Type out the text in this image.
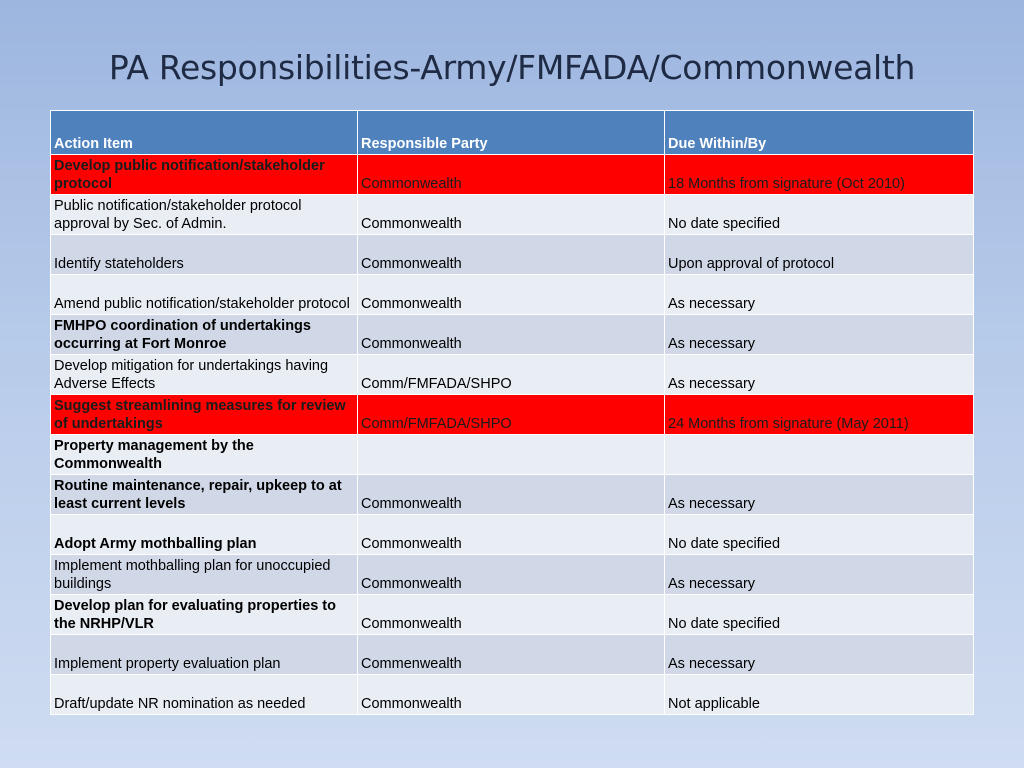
PA Responsibilities-Army/FMFADA/Commonwealth
Action Item	Responsible Party	Due Within/By
Develop public notification/stakeholder protocol	Commonwealth	18 Months from signature (Oct 2010)
Public notification/stakeholder protocol approval by Sec. of Admin.	Commonwealth	No date specified
Identify stateholders	Commonwealth	Upon approval of protocol
Amend public notification/stakeholder protocol	Commonwealth	As necessary
FMHPO coordination of undertakings occurring at Fort Monroe	Commonwealth	As necessary
Develop mitigation for undertakings having Adverse Effects	Comm/FMFADA/SHPO	As necessary
Suggest streamlining measures for review of undertakings	Comm/FMFADA/SHPO	24 Months from signature (May 2011)
Property management by the Commonwealth		
Routine maintenance, repair, upkeep to at least current levels	Commonwealth	As necessary
Adopt Army mothballing plan	Commonwealth	No date specified
Implement mothballing plan for unoccupied buildings	Commonwealth	As necessary
Develop plan for evaluating properties to the NRHP/VLR	Commonwealth	No date specified
Implement property evaluation plan	Commenwealth	As necessary
Draft/update NR nomination as needed	Commonwealth	Not applicable
